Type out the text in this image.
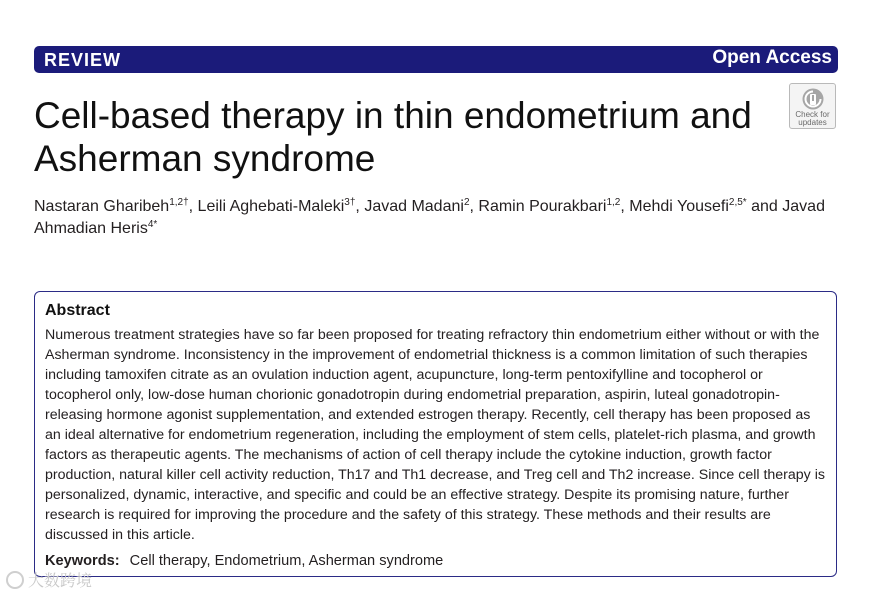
REVIEW	Open Access
Cell-based therapy in thin endometrium and Asherman syndrome
Check for
updates
Nastaran Gharibeh$^{1,2\dagger}$, Leili Aghebati-Maleki$^{3\dagger}$, Javad Madani$^2$, Ramin Pourakbari$^{1,2}$, Mehdi Yousefi$^{2,5*}$ and Javad Ahmadian Heris$^{4*}$
Abstract

Numerous treatment strategies have so far been proposed for treating refractory thin endometrium either without or with the Asherman syndrome. Inconsistency in the improvement of endometrial thickness is a common limitation of such therapies including tamoxifen citrate as an ovulation induction agent, acupuncture, long-term pentoxifylline and tocopherol or tocopherol only, low-dose human chorionic gonadotropin during endometrial preparation, aspirin, luteal gonadotropin-releasing hormone agonist supplementation, and extended estrogen therapy. Recently, cell therapy has been proposed as an ideal alternative for endometrium regeneration, including the employment of stem cells, platelet-rich plasma, and growth factors as therapeutic agents. The mechanisms of action of cell therapy include the cytokine induction, growth factor production, natural killer cell activity reduction, Th17 and Th1 decrease, and Treg cell and Th2 increase. Since cell therapy is personalized, dynamic, interactive, and specific and could be an effective strategy. Despite its promising nature, further research is required for improving the procedure and the safety of this strategy. These methods and their results are discussed in this article.

Keywords: Cell therapy, Endometrium, Asherman syndrome

大数跨境
